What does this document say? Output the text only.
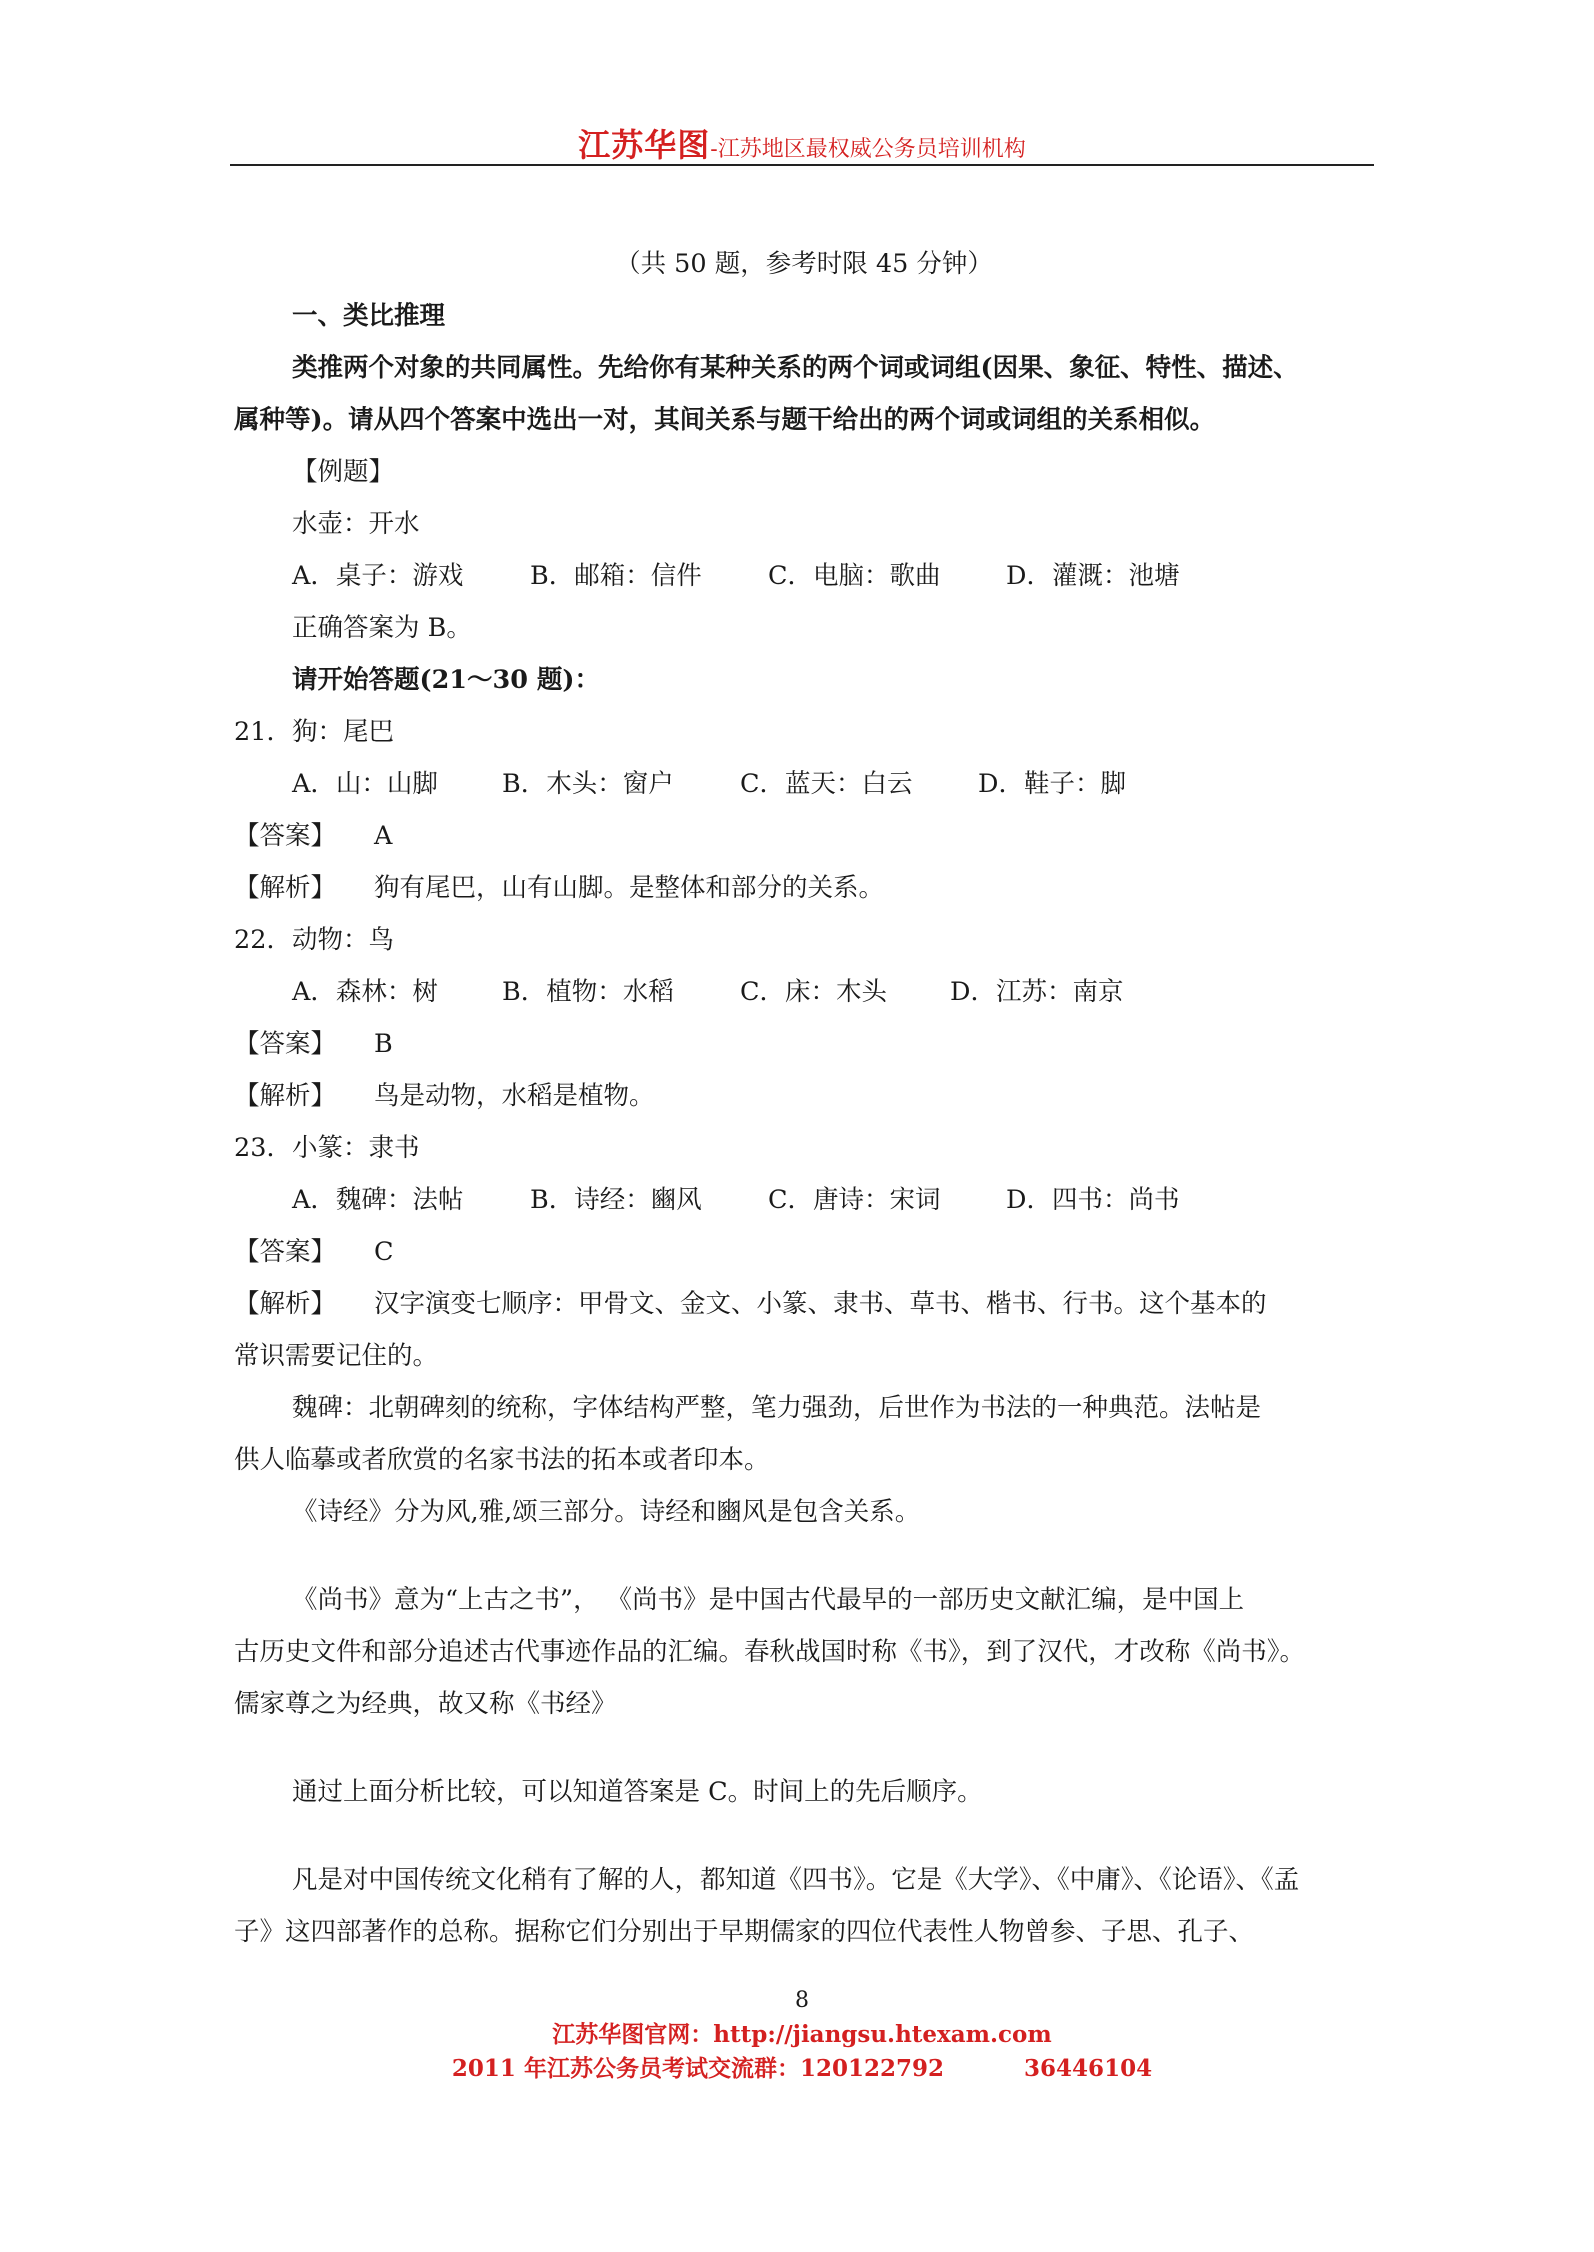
江苏华图-江苏地区最权威公务员培训机构
（共 50 题，参考时限 45 分钟）
一、类比推理
类推两个对象的共同属性。先给你有某种关系的两个词或词组(因果、象征、特性、描述、
属种等)。请从四个答案中选出一对，其间关系与题干给出的两个词或词组的关系相似。
【例题】
水壶：开水
A．桌子：游戏	B．邮箱：信件	C．电脑：歌曲	D．灌溉：池塘
正确答案为 B。
请开始答题(21～30 题)：
21．狗：尾巴
A．山：山脚	B．木头：窗户	C．蓝天：白云	D．鞋子：脚
【答案】 A
【解析】 狗有尾巴，山有山脚。是整体和部分的关系。
22．动物：鸟
A．森林：树	B．植物：水稻	C．床：木头 D．江苏：南京
【答案】 B
【解析】 鸟是动物，水稻是植物。
23．小篆：隶书
A．魏碑：法帖	B．诗经：豳风	C．唐诗：宋词	D．四书：尚书
【答案】 C
【解析】 汉字演变七顺序：甲骨文、金文、小篆、隶书、草书、楷书、行书。这个基本的
常识需要记住的。
魏碑：北朝碑刻的统称，字体结构严整，笔力强劲，后世作为书法的一种典范。法帖是
供人临摹或者欣赏的名家书法的拓本或者印本。
《诗经》分为风,雅,颂三部分。诗经和豳风是包含关系。
《尚书》意为“上古之书”， 《尚书》是中国古代最早的一部历史文献汇编，是中国上
古历史文件和部分追述古代事迹作品的汇编。春秋战国时称《书》，到了汉代，才改称《尚书》。
儒家尊之为经典，故又称《书经》
通过上面分析比较，可以知道答案是 C。时间上的先后顺序。
凡是对中国传统文化稍有了解的人，都知道《四书》。它是《大学》、《中庸》、《论语》、《孟
子》这四部著作的总称。据称它们分别出于早期儒家的四位代表性人物曾参、子思、孔子、
8
江苏华图官网：http://jiangsu.htexam.com
2011 年江苏公务员考试交流群：120122792          36446104
